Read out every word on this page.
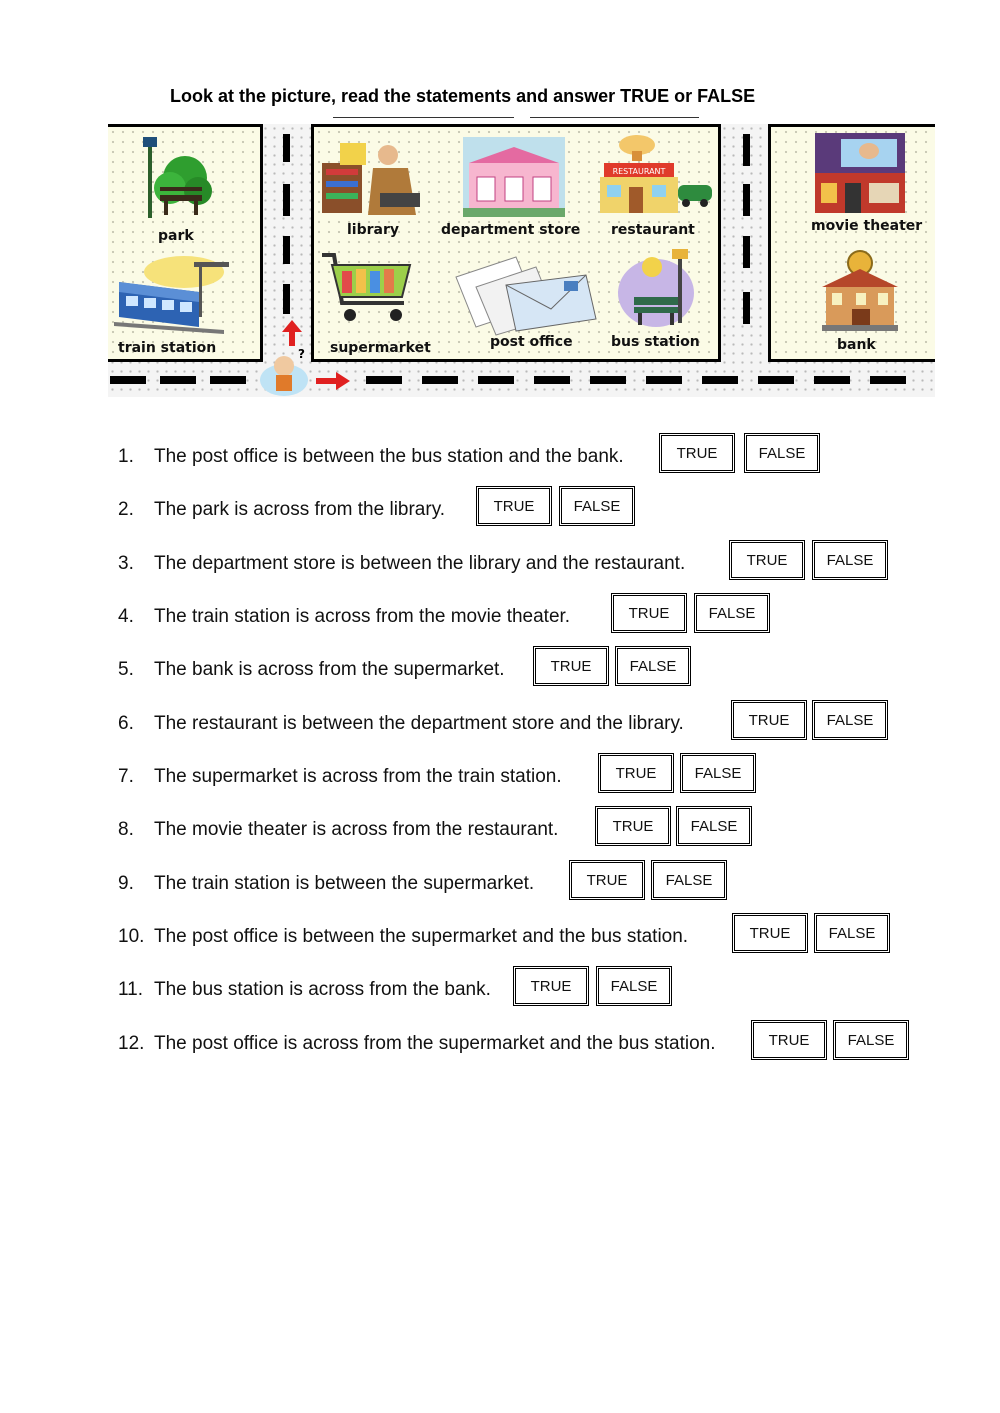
Look at the picture, read the statements and answer TRUE or FALSE
park
train station
library	department store
RESTAURANT
restaurant
supermarket	post office	bus station
movie theater
bank
?
1. The post office is between the bus station and the bank.	TRUE	FALSE
2. The park is across from the library.	TRUE	FALSE
3. The department store is between the library and the restaurant.	TRUE	FALSE
4. The train station is across from the movie theater.	TRUE	FALSE
5. The bank is across from the supermarket.	TRUE	FALSE
6. The restaurant is between the department store and the library.	TRUE	FALSE
7. The supermarket is across from the train station.	TRUE	FALSE
8. The movie theater is across from the restaurant.	TRUE	FALSE
9. The train station is between the supermarket.	TRUE	FALSE
10. The post office is between the supermarket and the bus station.	TRUE	FALSE
11. The bus station is across from the bank.	TRUE	FALSE
12. The post office is across from the supermarket and the bus station.	TRUE	FALSE
